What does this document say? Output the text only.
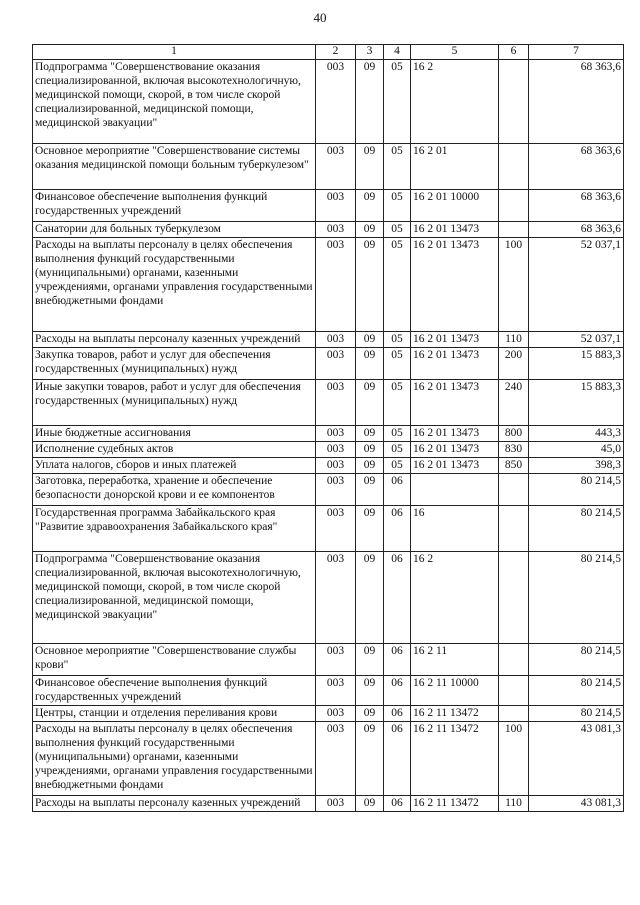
40
1	2	3	4	5	6	7
Подпрограмма "Совершенствование оказания специализированной, включая высокотехнологичную, медицинской помощи, скорой, в том числе скорой специализированной, медицинской помощи, медицинской эвакуации"	003	09	05	16 2		68 363,6
Основное мероприятие "Совершенствование системы оказания медицинской помощи больным туберкулезом"	003	09	05	16 2 01		68 363,6
Финансовое обеспечение выполнения функций государственных учреждений	003	09	05	16 2 01 10000		68 363,6
Санатории для больных туберкулезом	003	09	05	16 2 01 13473		68 363,6
Расходы на выплаты персоналу в целях обеспечения выполнения функций государственными (муниципальными) органами, казенными учреждениями, органами управления государственными внебюджетными фондами	003	09	05	16 2 01 13473	100	52 037,1
Расходы на выплаты персоналу казенных учреждений	003	09	05	16 2 01 13473	110	52 037,1
Закупка товаров, работ и услуг для обеспечения государственных (муниципальных) нужд	003	09	05	16 2 01 13473	200	15 883,3
Иные закупки товаров, работ и услуг для обеспечения государственных (муниципальных) нужд	003	09	05	16 2 01 13473	240	15 883,3
Иные бюджетные ассигнования	003	09	05	16 2 01 13473	800	443,3
Исполнение судебных актов	003	09	05	16 2 01 13473	830	45,0
Уплата налогов, сборов и иных платежей	003	09	05	16 2 01 13473	850	398,3
Заготовка, переработка, хранение и обеспечение безопасности донорской крови и ее компонентов	003	09	06			80 214,5
Государственная программа Забайкальского края "Развитие здравоохранения Забайкальского края"	003	09	06	16		80 214,5
Подпрограмма "Совершенствование оказания специализированной, включая высокотехнологичную, медицинской помощи, скорой, в том числе скорой специализированной, медицинской помощи, медицинской эвакуации"	003	09	06	16 2		80 214,5
Основное мероприятие "Совершенствование службы крови"	003	09	06	16 2 11		80 214,5
Финансовое обеспечение выполнения функций государственных учреждений	003	09	06	16 2 11 10000		80 214,5
Центры, станции и отделения переливания крови	003	09	06	16 2 11 13472		80 214,5
Расходы на выплаты персоналу в целях обеспечения выполнения функций государственными (муниципальными) органами, казенными учреждениями, органами управления государственными внебюджетными фондами	003	09	06	16 2 11 13472	100	43 081,3
Расходы на выплаты персоналу казенных учреждений	003	09	06	16 2 11 13472	110	43 081,3
